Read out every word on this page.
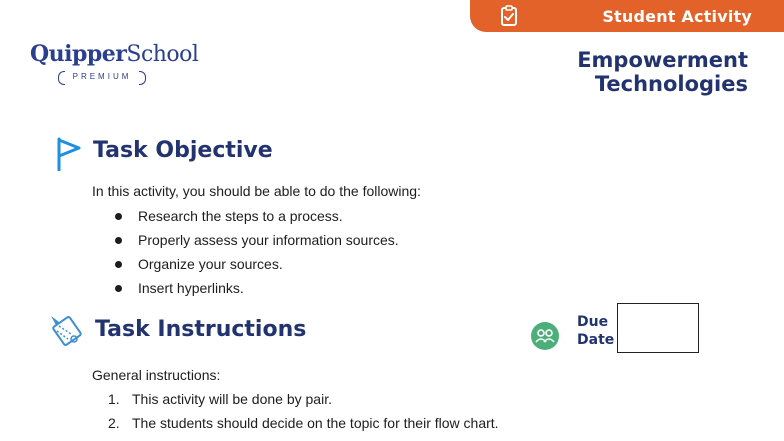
Student Activity
QuipperSchool
PREMIUM
Empowerment Technologies
Task Objective
In this activity, you should be able to do the following:
Research the steps to a process.
Properly assess your information sources.
Organize your sources.
Insert hyperlinks.
Task Instructions	Due
Date
General instructions:
1. This activity will be done by pair.
2. The students should decide on the topic for their flow chart.
